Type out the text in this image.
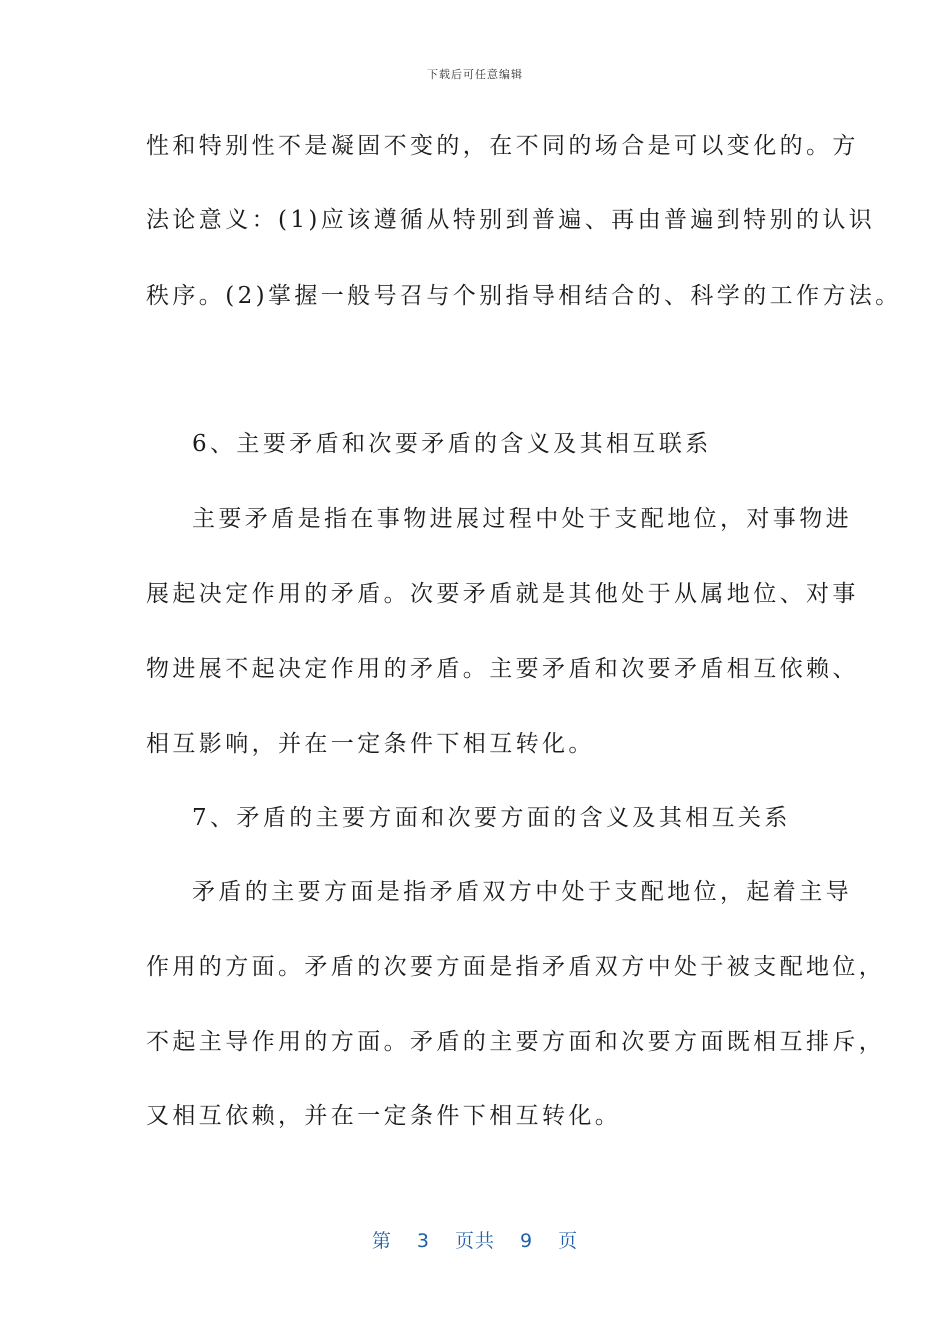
下载后可任意编辑
性和特别性不是凝固不变的，在不同的场合是可以变化的。方
法论意义：(1)应该遵循从特别到普遍、再由普遍到特别的认识
秩序。(2)掌握一般号召与个别指导相结合的、科学的工作方法。
6、主要矛盾和次要矛盾的含义及其相互联系
主要矛盾是指在事物进展过程中处于支配地位，对事物进
展起决定作用的矛盾。次要矛盾就是其他处于从属地位、对事
物进展不起决定作用的矛盾。主要矛盾和次要矛盾相互依赖、
相互影响，并在一定条件下相互转化。
7、矛盾的主要方面和次要方面的含义及其相互关系
矛盾的主要方面是指矛盾双方中处于支配地位，起着主导
作用的方面。矛盾的次要方面是指矛盾双方中处于被支配地位，
不起主导作用的方面。矛盾的主要方面和次要方面既相互排斥，
又相互依赖，并在一定条件下相互转化。
第 3 页共 9 页
